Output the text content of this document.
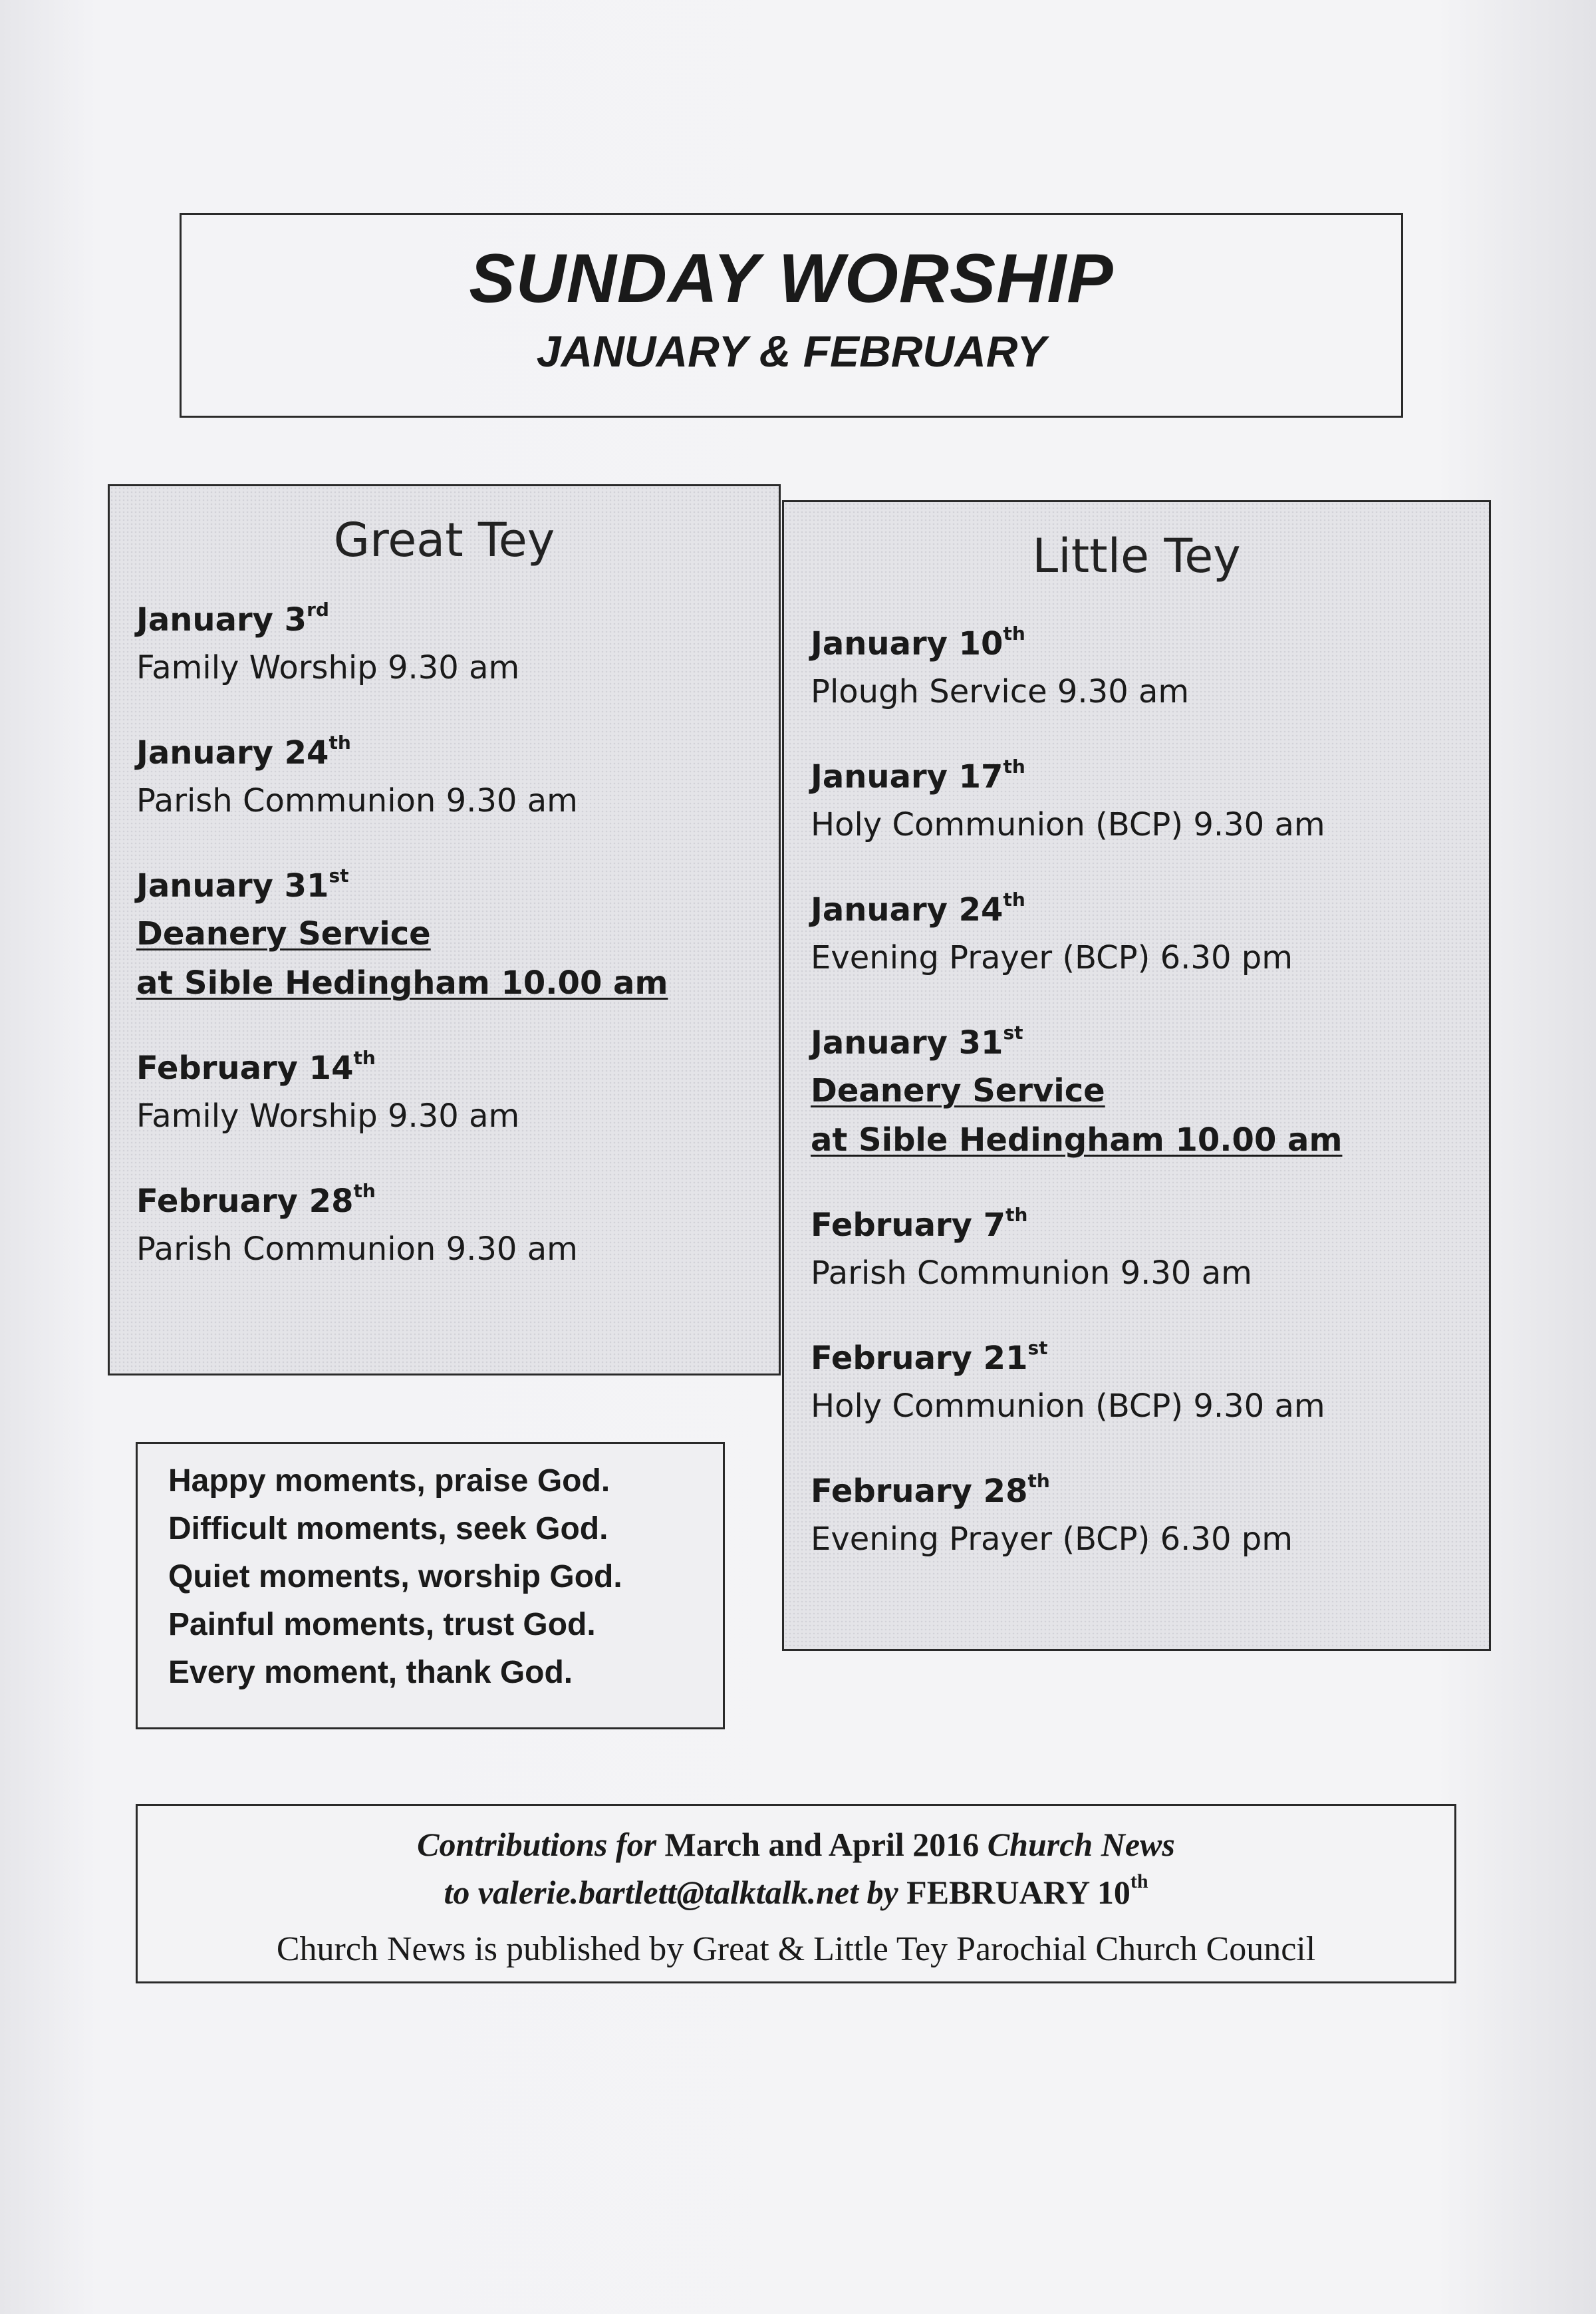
SUNDAY WORSHIP
JANUARY & FEBRUARY
Great Tey
January 3rd
Family Worship 9.30 am
January 24th
Parish Communion 9.30 am
January 31st
Deanery Service
at Sible Hedingham 10.00 am
February 14th
Family Worship 9.30 am
February 28th
Parish Communion 9.30 am
Little Tey
January 10th
Plough Service 9.30 am
January 17th
Holy Communion (BCP) 9.30 am
January 24th
Evening Prayer (BCP) 6.30 pm
January 31st
Deanery Service
at Sible Hedingham 10.00 am
February 7th
Parish Communion 9.30 am
February 21st
Holy Communion (BCP) 9.30 am
February 28th
Evening Prayer (BCP) 6.30 pm
Happy moments, praise God.
Difficult moments, seek God.
Quiet moments, worship God.
Painful moments, trust God.
Every moment, thank God.
Contributions for March and April 2016 Church News
to valerie.bartlett@talktalk.net by FEBRUARY 10th
Church News is published by Great & Little Tey Parochial Church Council
